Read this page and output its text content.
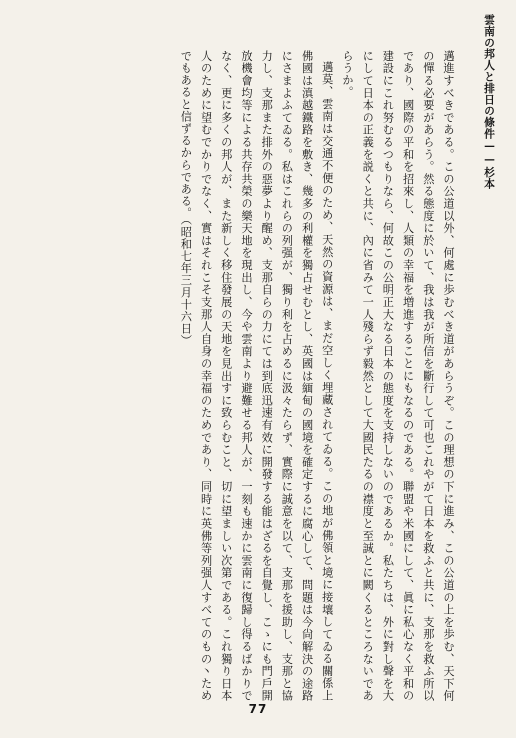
雲南の邦人と排日の條件——杉本

邁進すべきである。この公道以外、何處に歩むべき道があらうぞ。この理想の下に進み、この公道の上を歩む、天下何の憚る必要があらう。然る態度に於いて、我は我が所信を斷行して可也これやがて日本を救ふと共に、支那を救ふ所以であり、國際の平和を招來し、人類の幸福を増進することにもなるのである。聯盟や米國にして、眞に私心なく平和の建設にこれ努むるつもりなら、何故この公明正大なる日本の態度を支持しないのであるか。私たちは、外に對し聲を大にして日本の正義を説くと共に、內に省みて一人殘らず毅然として大國民たるの襟度と至誠とに闕くるところないであらうか。

邁莫、雲南は交通不便のため、天然の資源は、まだ空しく埋藏されてゐる。この地が佛領と境に接壤してゐる關係上佛國は滇越鐵路を敷き、幾多の利權を獨占せむとし、英國は緬甸の國境を確定するに腐心して、問題は今尙解決の途路にさまよふてゐる。私はこれらの列强が、獨り利を占めるに汲々たらず、實際に誠意を以て、支那を援助し、支那と協力し、支那また排外の惡夢より醒め、支那自らの力にては到底迅速有效に開發する能はざるを自覺し、こゝにも門戶開放機會均等による共存共榮の樂天地を現出し、今や雲南より避難せる邦人が、一刻も速かに雲南に復歸し得るばかりでなく、更に多くの邦人が、また新しく移住發展の天地を見出すに致らむこと、切に望ましい次第である。これ獨り日本人のために望むでかりでなく、實はそれこそ支那人自身の幸福のためであり、同時に英佛等列强人すべてのもの丶ためでもあると信ずるからである。（昭和七年三月十六日）

77
